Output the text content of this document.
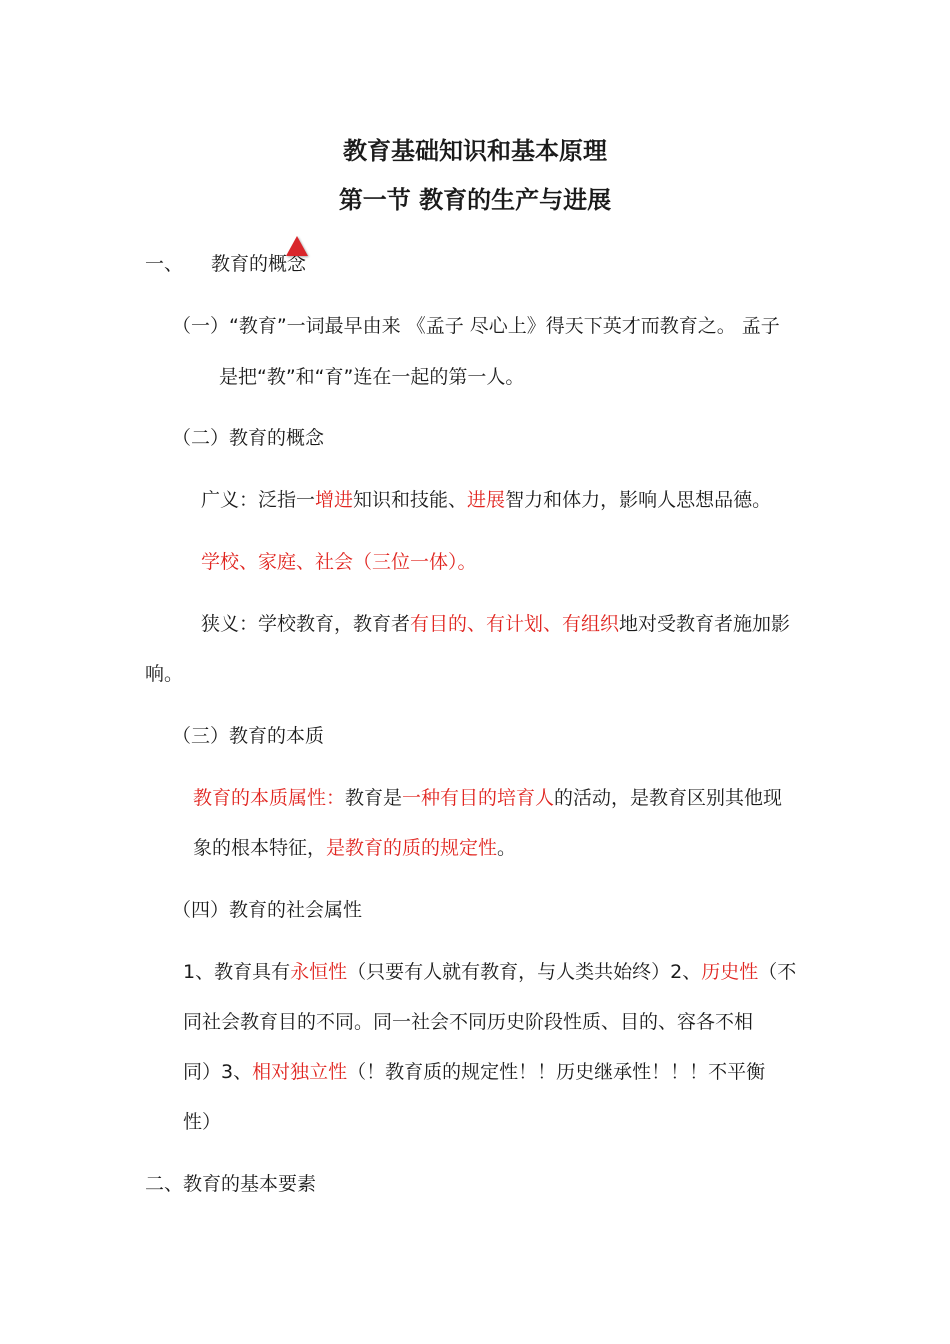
教育基础知识和基本原理
第一节 教育的生产与进展
一、 教育的概念
（一）“教育”一词最早由来 《孟子 尽心上》得天下英才而教育之。 孟子
是把“教”和“育”连在一起的第一人。
（二）教育的概念
广义：泛指一增进知识和技能、进展智力和体力，影响人思想品德。
学校、家庭、社会（三位一体）。
狭义：学校教育，教育者有目的、有计划、有组织地对受教育者施加影
响。
（三）教育的本质
教育的本质属性：教育是一种有目的培育人的活动，是教育区别其他现
象的根本特征，是教育的质的规定性。
（四）教育的社会属性
1、教育具有永恒性（只要有人就有教育，与人类共始终）2、历史性（不
同社会教育目的不同。同一社会不同历史阶段性质、目的、容各不相
同）3、相对独立性（！教育质的规定性！！历史继承性！！！不平衡
性）
二、教育的基本要素
